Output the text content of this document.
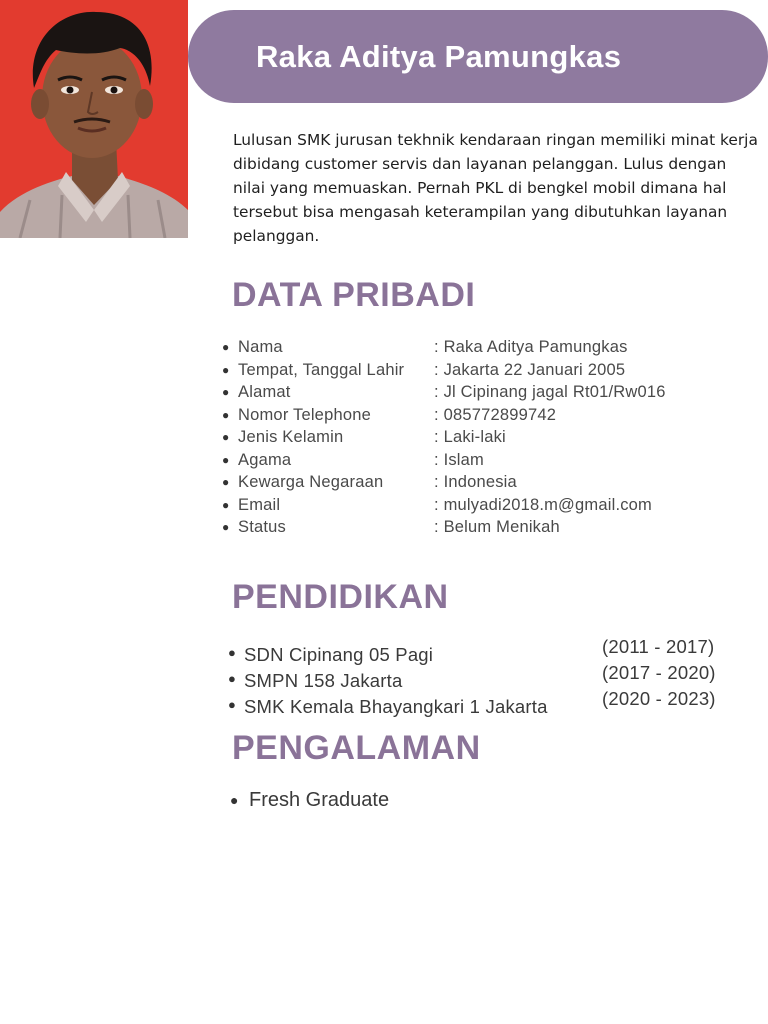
Raka Aditya Pamungkas

Lulusan SMK jurusan tekhnik kendaraan ringan memiliki minat kerja dibidang customer servis dan layanan pelanggan. Lulus dengan nilai yang memuaskan. Pernah PKL di bengkel mobil dimana hal tersebut bisa mengasah keterampilan yang dibutuhkan layanan pelanggan.

DATA PRIBADI
● Nama	: Raka Aditya Pamungkas
● Tempat, Tanggal Lahir	: Jakarta 22 Januari 2005
● Alamat	: Jl Cipinang jagal Rt01/Rw016
● Nomor Telephone	: 085772899742
● Jenis Kelamin	: Laki-laki
● Agama	: Islam
● Kewarga Negaraan	: Indonesia
● Email	: mulyadi2018.m@gmail.com
● Status	: Belum Menikah
PENDIDIKAN
● SDN Cipinang 05 Pagi	(2011 - 2017)
● SMPN 158 Jakarta	(2017 - 2020)
● SMK Kemala Bhayangkari 1 Jakarta	(2020 - 2023)
PENGALAMAN
● Fresh Graduate
